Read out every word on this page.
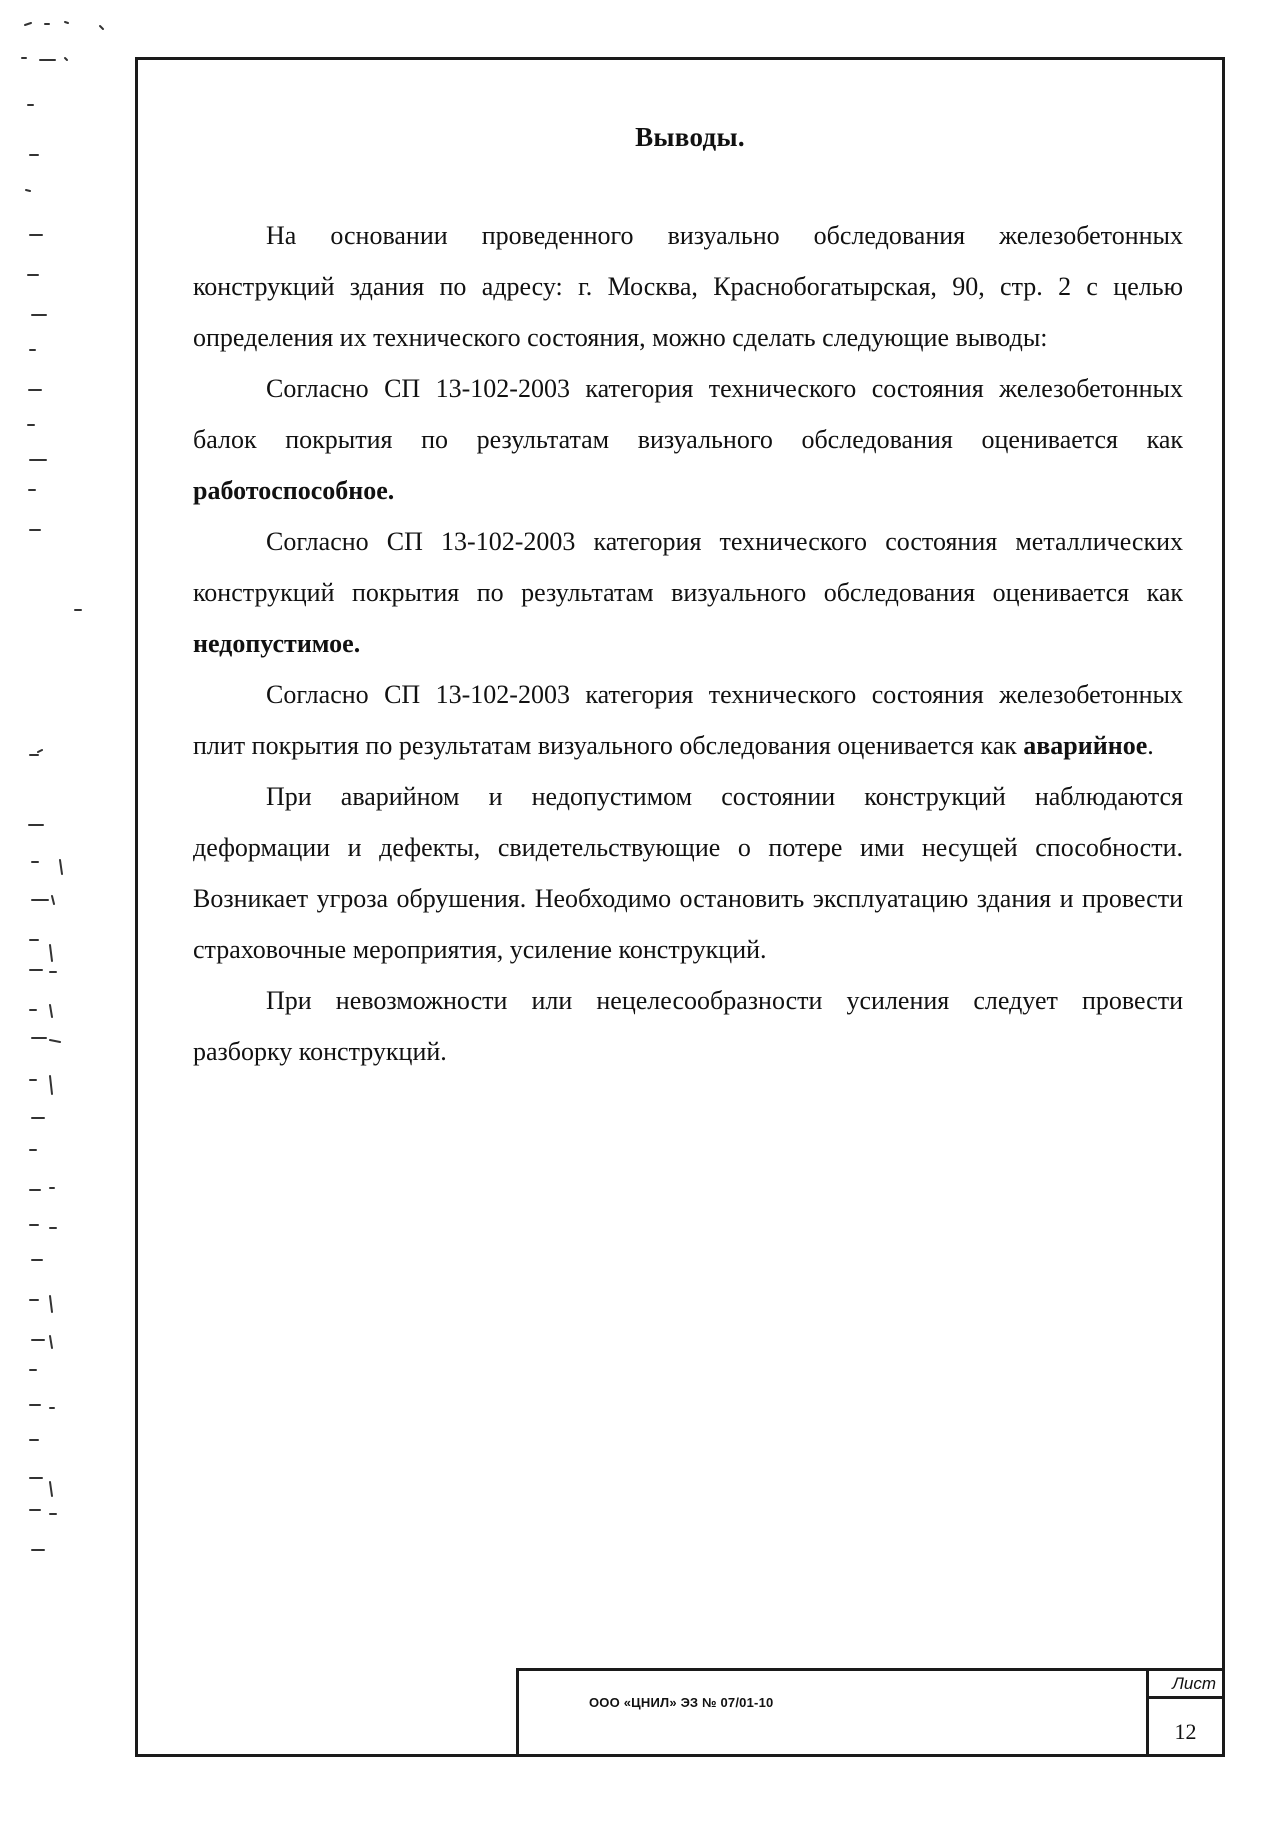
Выводы.

На основании проведенного визуально обследования железобетонных конструкций здания по адресу: г. Москва, Краснобогатырская, 90, стр. 2 с целью определения их технического состояния, можно сделать следующие выводы:

Согласно СП 13-102-2003 категория технического состояния железобетонных балок покрытия по результатам визуального обследования оценивается как работоспособное.

Согласно СП 13-102-2003 категория технического состояния металлических конструкций покрытия по результатам визуального обследования оценивается как недопустимое.

Согласно СП 13-102-2003 категория технического состояния железобетонных плит покрытия по результатам визуального обследования оценивается как аварийное.

При аварийном и недопустимом состоянии конструкций наблюдаются деформации и дефекты, свидетельствующие о потере ими несущей способности. Возникает угроза обрушения. Необходимо остановить эксплуатацию здания и провести страховочные мероприятия, усиление конструкций.

При невозможности или нецелесообразности усиления следует провести разборку конструкций.

ООО «ЦНИЛ» ЭЗ № 07/01-10
Лист
12
